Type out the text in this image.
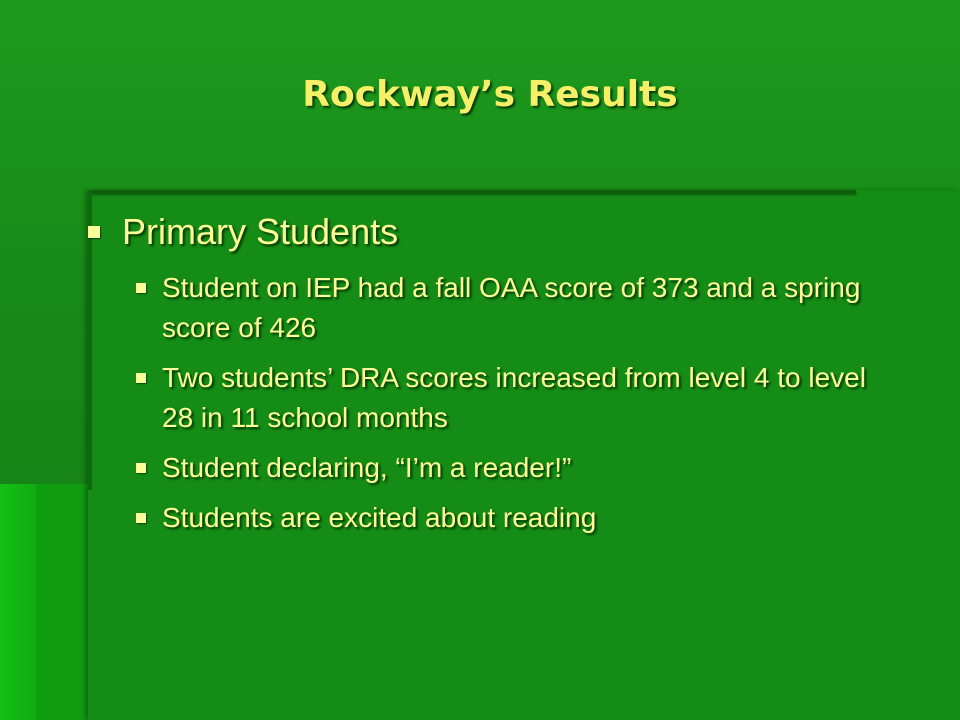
Rockway’s Results
Primary Students
Student on IEP had a fall OAA score of 373 and a spring score of 426
Two students’ DRA scores increased from level 4 to level 28 in 11 school months
Student declaring, “I’m a reader!”
Students are excited about reading
